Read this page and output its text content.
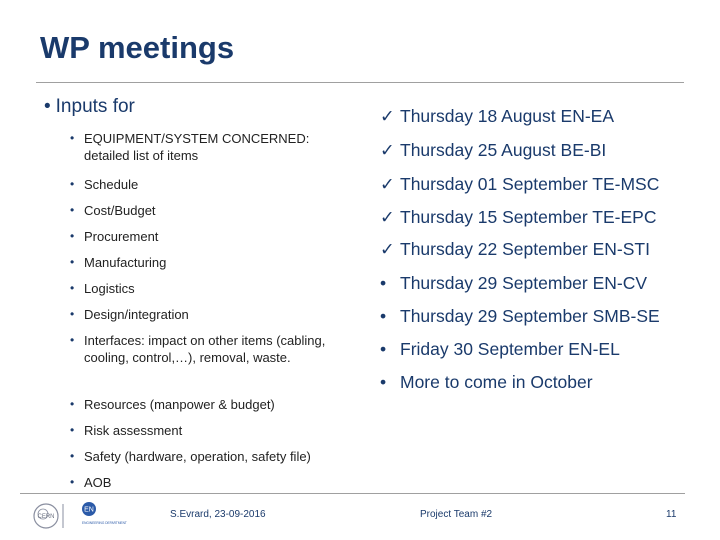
WP meetings
• Inputs for
• EQUIPMENT/SYSTEM CONCERNED: detailed list of items
• Schedule
• Cost/Budget
• Procurement
• Manufacturing
• Logistics
• Design/integration
• Interfaces: impact on other items (cabling, cooling, control,…), removal, waste.
• Resources (manpower & budget)
• Risk assessment
• Safety (hardware, operation, safety file)
• AOB
✓ Thursday 18 August EN-EA
✓ Thursday 25 August BE-BI
✓ Thursday 01 September TE-MSC
✓ Thursday 15 September TE-EPC
✓ Thursday 22 September EN-STI
• Thursday 29 September EN-CV
• Thursday 29 September SMB-SE
• Friday 30 September EN-EL
• More to come in October
CERN
EN
ENGINEERING DEPARTMENT
S.Evrard, 23-09-2016	Project Team #2	11
